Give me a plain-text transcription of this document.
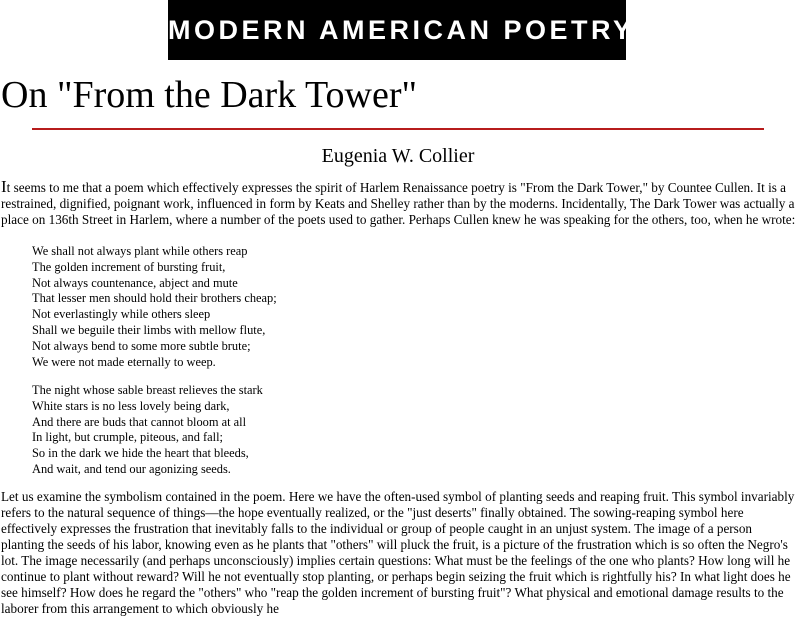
MODERN AMERICAN POETRY
On "From the Dark Tower"
Eugenia W. Collier

It seems to me that a poem which effectively expresses the spirit of Harlem Renaissance poetry is "From the Dark Tower," by Countee Cullen. It is a restrained, dignified, poignant work, influenced in form by Keats and Shelley rather than by the moderns. Incidentally, The Dark Tower was actually a place on 136th Street in Harlem, where a number of the poets used to gather. Perhaps Cullen knew he was speaking for the others, too, when he wrote:

We shall not always plant while others reap
The golden increment of bursting fruit,
Not always countenance, abject and mute
That lesser men should hold their brothers cheap;
Not everlastingly while others sleep
Shall we beguile their limbs with mellow flute,
Not always bend to some more subtle brute;
We were not made eternally to weep.
The night whose sable breast relieves the stark
White stars is no less lovely being dark,
And there are buds that cannot bloom at all
In light, but crumple, piteous, and fall;
So in the dark we hide the heart that bleeds,
And wait, and tend our agonizing seeds.

Let us examine the symbolism contained in the poem. Here we have the often-used symbol of planting seeds and reaping fruit. This symbol invariably refers to the natural sequence of things—the hope eventually realized, or the "just deserts" finally obtained. The sowing-reaping symbol here effectively expresses the frustration that inevitably falls to the individual or group of people caught in an unjust system. The image of a person planting the seeds of his labor, knowing even as he plants that "others" will pluck the fruit, is a picture of the frustration which is so often the Negro's lot. The image necessarily (and perhaps unconsciously) implies certain questions: What must be the feelings of the one who plants? How long will he continue to plant without reward? Will he not eventually stop planting, or perhaps begin seizing the fruit which is rightfully his? In what light does he see himself? How does he regard the "others" who "reap the golden increment of bursting fruit"? What physical and emotional damage results to the laborer from this arrangement to which obviously he
